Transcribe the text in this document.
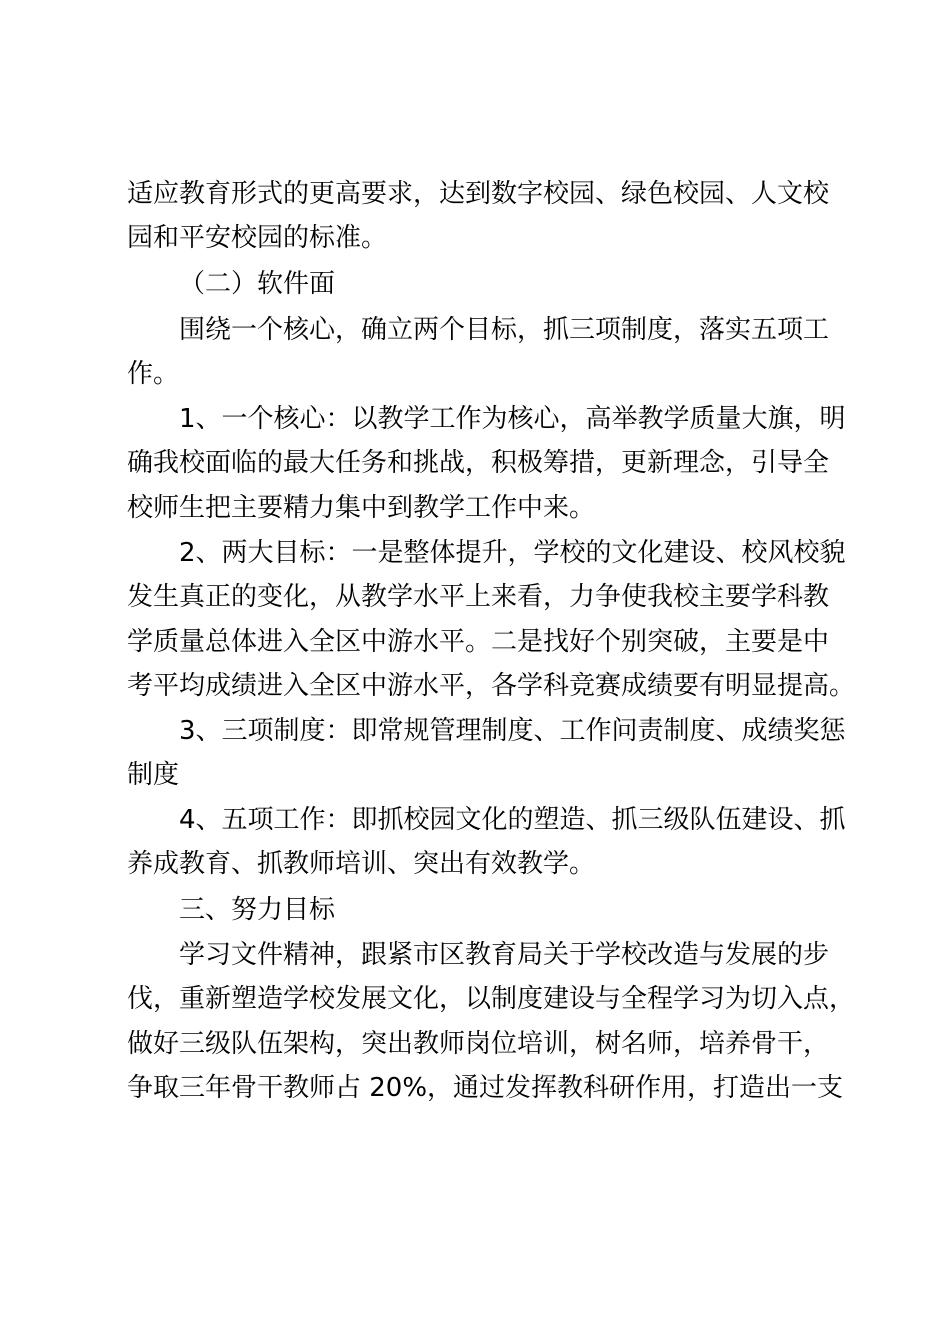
适应教育形式的更高要求，达到数字校园、绿色校园、人文校
园和平安校园的标准。
（二）软件面
围绕一个核心，确立两个目标，抓三项制度，落实五项工
作。
1、一个核心：以教学工作为核心，高举教学质量大旗，明
确我校面临的最大任务和挑战，积极筹措，更新理念，引导全
校师生把主要精力集中到教学工作中来。
2、两大目标：一是整体提升，学校的文化建设、校风校貌
发生真正的变化，从教学水平上来看，力争使我校主要学科教
学质量总体进入全区中游水平。二是找好个别突破，主要是中
考平均成绩进入全区中游水平，各学科竞赛成绩要有明显提高。
3、三项制度：即常规管理制度、工作问责制度、成绩奖惩
制度
4、五项工作：即抓校园文化的塑造、抓三级队伍建设、抓
养成教育、抓教师培训、突出有效教学。
三、努力目标
学习文件精神，跟紧市区教育局关于学校改造与发展的步
伐，重新塑造学校发展文化，以制度建设与全程学习为切入点，
做好三级队伍架构，突出教师岗位培训，树名师，培养骨干，
争取三年骨干教师占 20%，通过发挥教科研作用，打造出一支
